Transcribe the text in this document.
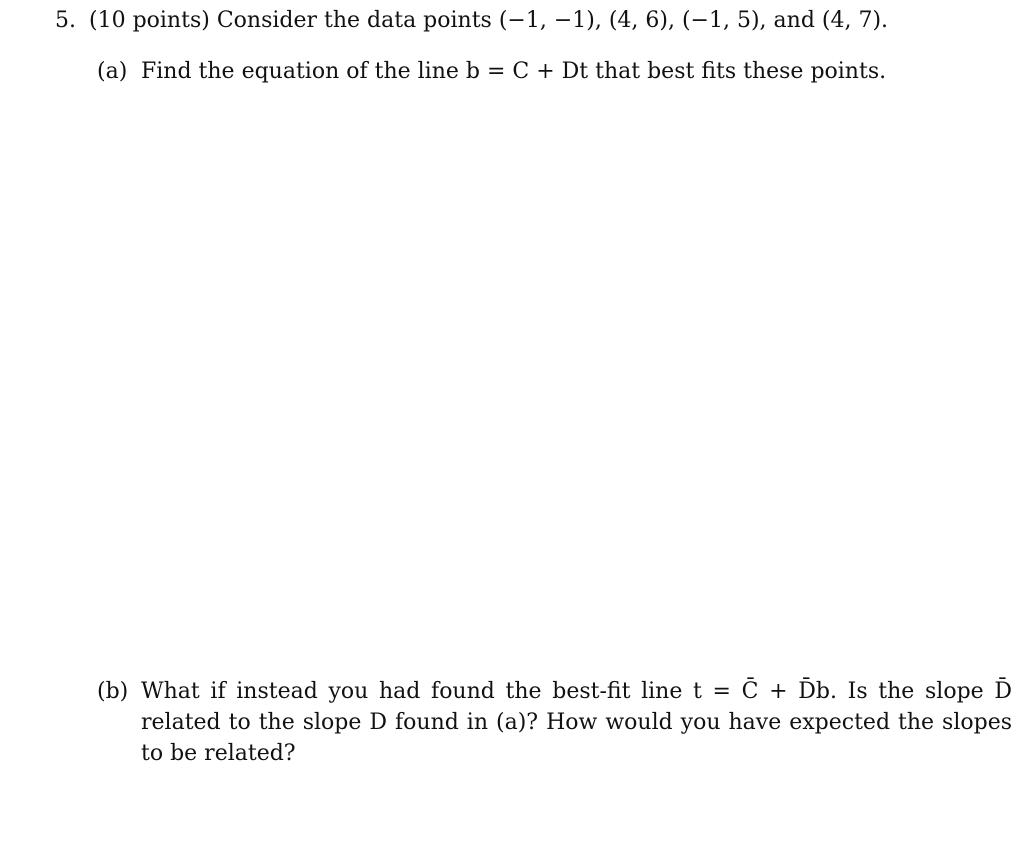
5. (10 points) Consider the data points (−1, −1), (4, 6), (−1, 5), and (4, 7).
(a) Find the equation of the line b = C + Dt that best fits these points.
(b) What if instead you had found the best-fit line t = C̄ + D̄b. Is the slope D̄ related to the slope D found in (a)? How would you have expected the slopes to be related?
